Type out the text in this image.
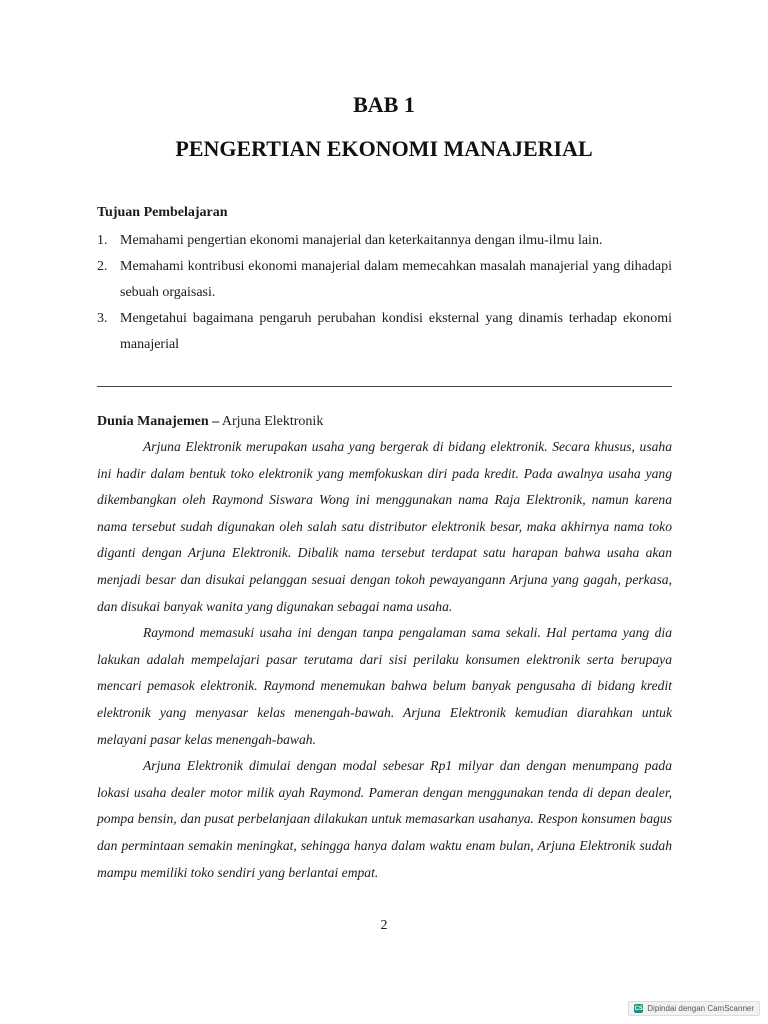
BAB 1
PENGERTIAN EKONOMI MANAJERIAL
Tujuan Pembelajaran
1. Memahami pengertian ekonomi manajerial dan keterkaitannya dengan ilmu-ilmu lain.
2. Memahami kontribusi ekonomi manajerial dalam memecahkan masalah manajerial yang dihadapi sebuah orgaisasi.
3. Mengetahui bagaimana pengaruh perubahan kondisi eksternal yang dinamis terhadap ekonomi manajerial
Dunia Manajemen – Arjuna Elektronik

Arjuna Elektronik merupakan usaha yang bergerak di bidang elektronik. Secara khusus, usaha ini hadir dalam bentuk toko elektronik yang memfokuskan diri pada kredit. Pada awalnya usaha yang dikembangkan oleh Raymond Siswara Wong ini menggunakan nama Raja Elektronik, namun karena nama tersebut sudah digunakan oleh salah satu distributor elektronik besar, maka akhirnya nama toko diganti dengan Arjuna Elektronik. Dibalik nama tersebut terdapat satu harapan bahwa usaha akan menjadi besar dan disukai pelanggan sesuai dengan tokoh pewayangann Arjuna yang gagah, perkasa, dan disukai banyak wanita yang digunakan sebagai nama usaha.

Raymond memasuki usaha ini dengan tanpa pengalaman sama sekali. Hal pertama yang dia lakukan adalah mempelajari pasar terutama dari sisi perilaku konsumen elektronik serta berupaya mencari pemasok elektronik. Raymond menemukan bahwa belum banyak pengusaha di bidang kredit elektronik yang menyasar kelas menengah-bawah. Arjuna Elektronik kemudian diarahkan untuk melayani pasar kelas menengah-bawah.

Arjuna Elektronik dimulai dengan modal sebesar Rp1 milyar dan dengan menumpang pada lokasi usaha dealer motor milik ayah Raymond. Pameran dengan menggunakan tenda di depan dealer, pompa bensin, dan pusat perbelanjaan dilakukan untuk memasarkan usahanya. Respon konsumen bagus dan permintaan semakin meningkat, sehingga hanya dalam waktu enam bulan, Arjuna Elektronik sudah mampu memiliki toko sendiri yang berlantai empat.

2
CS Dipindai dengan CamScanner
